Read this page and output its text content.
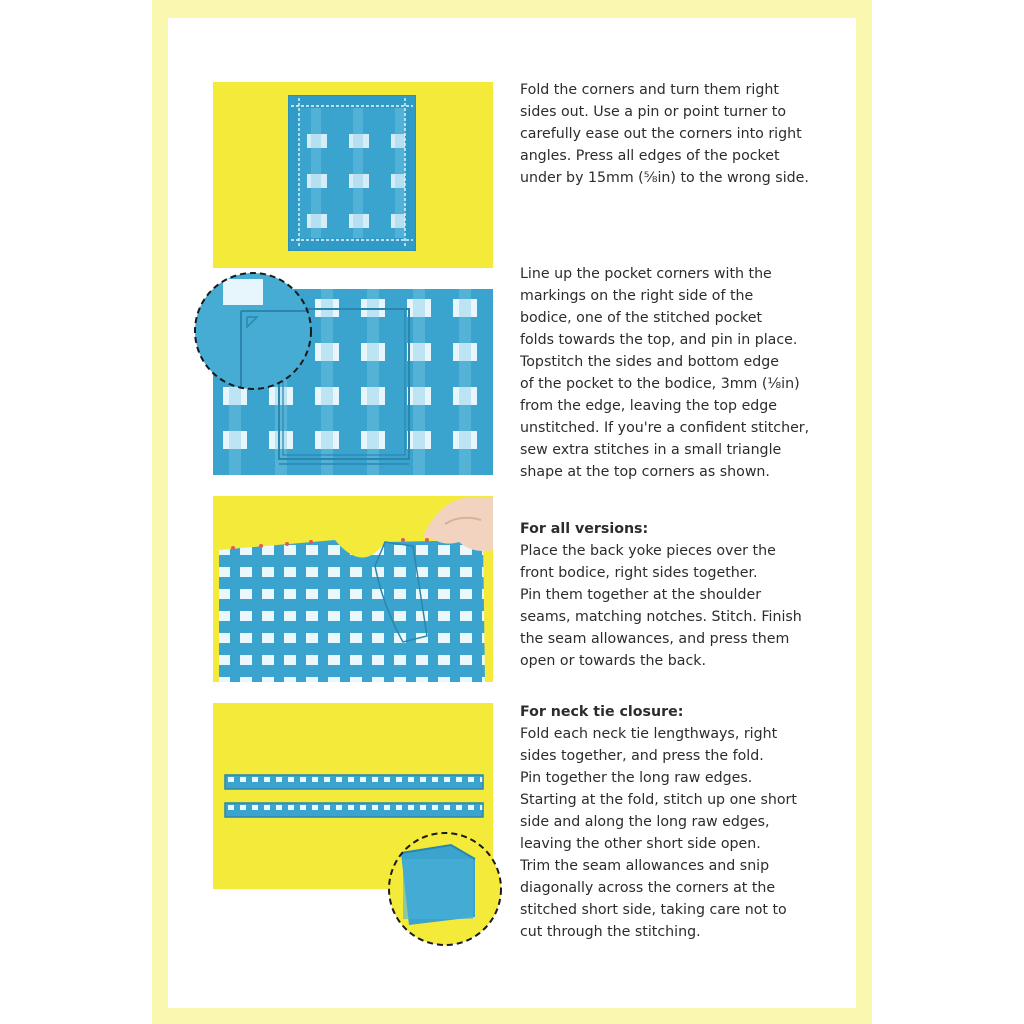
Fold the corners and turn them right
sides out. Use a pin or point turner to
carefully ease out the corners into right
angles. Press all edges of the pocket
under by 15mm (⅝in) to the wrong side.

Line up the pocket corners with the
markings on the right side of the
bodice, one of the stitched pocket
folds towards the top, and pin in place.
Topstitch the sides and bottom edge
of the pocket to the bodice, 3mm (⅛in)
from the edge, leaving the top edge
unstitched. If you're a confident stitcher,
sew extra stitches in a small triangle
shape at the top corners as shown.

For all versions:

Place the back yoke pieces over the
front bodice, right sides together.
Pin them together at the shoulder
seams, matching notches. Stitch. Finish
the seam allowances, and press them
open or towards the back.

For neck tie closure:

Fold each neck tie lengthways, right
sides together, and press the fold.
Pin together the long raw edges.
Starting at the fold, stitch up one short
side and along the long raw edges,
leaving the other short side open.
Trim the seam allowances and snip
diagonally across the corners at the
stitched short side, taking care not to
cut through the stitching.
